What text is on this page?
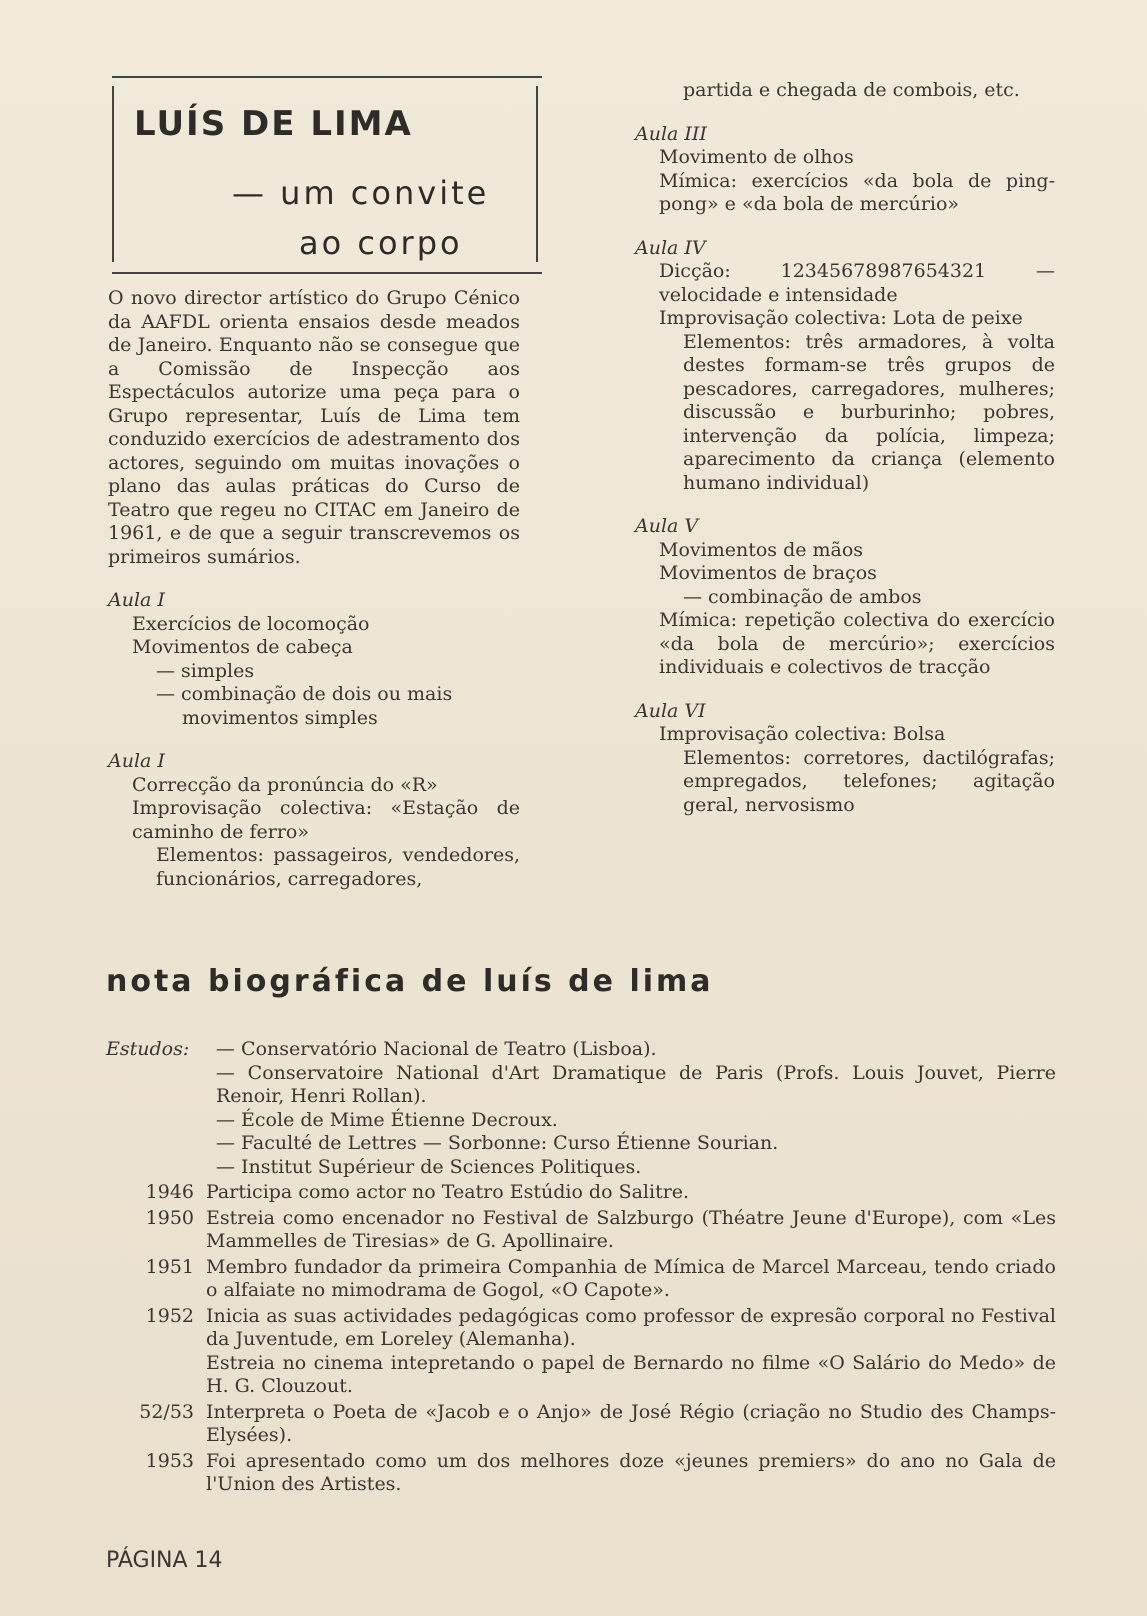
LUÍS DE LIMA

— um convite

ao corpo

O novo director artístico do Grupo Cénico da AAFDL orienta ensaios desde meados de Janeiro. Enquanto não se consegue que a Comissão de Inspecção aos Espectáculos autorize uma peça para o Grupo representar, Luís de Lima tem conduzido exercícios de adestramento dos actores, seguindo om muitas inovações o plano das aulas práticas do Curso de Teatro que regeu no CITAC em Janeiro de 1961, e de que a seguir transcrevemos os primeiros sumários.

Aula I

Exercícios de locomoção

Movimentos de cabeça

— simples

— combinação de dois ou mais

movimentos simples

Aula I

Correcção da pronúncia do «R»

Improvisação colectiva: «Estação de caminho de ferro»

Elementos: passageiros, vendedores, funcionários, carregadores,

partida e chegada de combois, etc.

Aula III

Movimento de olhos

Mímica: exercícios «da bola de ping-pong» e «da bola de mercúrio»

Aula IV

Dicção: 12345678987654321 — velocidade e intensidade

Improvisação colectiva: Lota de peixe

Elementos: três armadores, à volta destes formam-se três grupos de pescadores, carregadores, mulheres; discussão e burburinho; pobres, intervenção da polícia, limpeza; aparecimento da criança (elemento humano individual)

Aula V

Movimentos de mãos

Movimentos de braços

— combinação de ambos

Mímica: repetição colectiva do exercício «da bola de mercúrio»; exercícios individuais e colectivos de tracção

Aula VI

Improvisação colectiva: Bolsa

Elementos: corretores, dactilógrafas; empregados, telefones; agitação geral, nervosismo

nota biográfica de luís de lima
Estudos:	— Conservatório Nacional de Teatro (Lisboa).
— Conservatoire National d'Art Dramatique de Paris (Profs. Louis Jouvet, Pierre Renoir, Henri Rollan).
— École de Mime Étienne Decroux.
— Faculté de Lettres — Sorbonne: Curso Étienne Sourian.
— Institut Supérieur de Sciences Politiques.
1946 Participa como actor no Teatro Estúdio do Salitre.
1950 Estreia como encenador no Festival de Salzburgo (Théatre Jeune d'Europe), com «Les Mammelles de Tiresias» de G. Apollinaire.
1951 Membro fundador da primeira Companhia de Mímica de Marcel Marceau, tendo criado o alfaiate no mimodrama de Gogol, «O Capote».
1952 Inicia as suas actividades pedagógicas como professor de expresão corporal no Festival da Juventude, em Loreley (Alemanha).
Estreia no cinema intepretando o papel de Bernardo no filme «O Salário do Medo» de H. G. Clouzout.
52/53 Interpreta o Poeta de «Jacob e o Anjo» de José Régio (criação no Studio des Champs-Elysées).
1953 Foi apresentado como um dos melhores doze «jeunes premiers» do ano no Gala de l'Union des Artistes.

PÁGINA 14
